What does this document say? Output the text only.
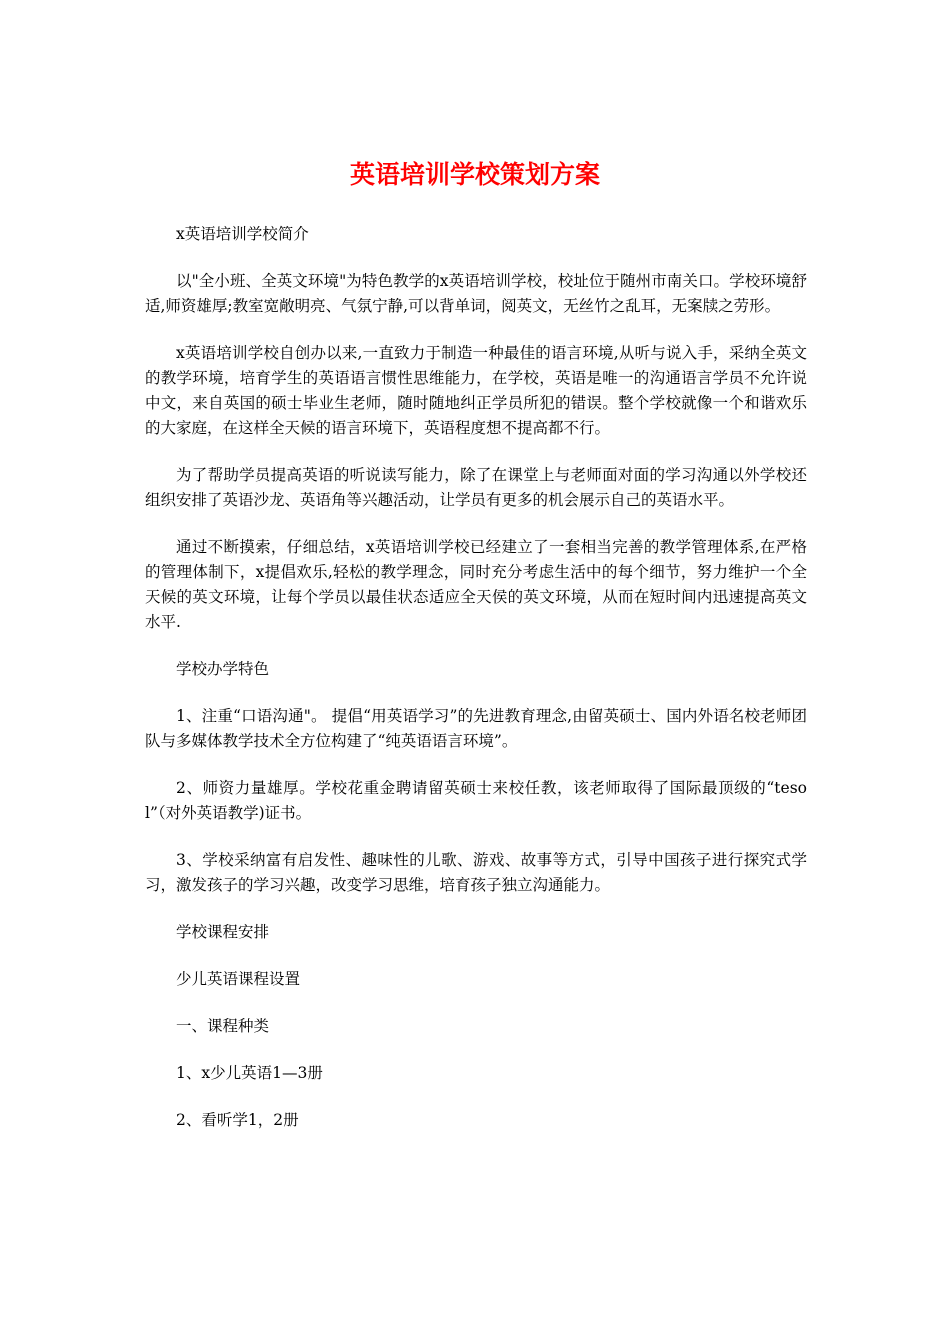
英语培训学校策划方案

x英语培训学校简介

以"全小班、全英文环境"为特色教学的x英语培训学校，校址位于随州市南关口。学校环境舒适,师资雄厚;教室宽敞明亮、气氛宁静,可以背单词，阅英文，无丝竹之乱耳，无案牍之劳形。

x英语培训学校自创办以来,一直致力于制造一种最佳的语言环境,从听与说入手，采纳全英文的教学环境，培育学生的英语语言惯性思维能力，在学校，英语是唯一的沟通语言学员不允许说中文，来自英国的硕士毕业生老师，随时随地纠正学员所犯的错误。整个学校就像一个和谐欢乐的大家庭，在这样全天候的语言环境下，英语程度想不提高都不行。

为了帮助学员提高英语的听说读写能力，除了在课堂上与老师面对面的学习沟通以外学校还组织安排了英语沙龙、英语角等兴趣活动，让学员有更多的机会展示自己的英语水平。

通过不断摸索，仔细总结，x英语培训学校已经建立了一套相当完善的教学管理体系,在严格的管理体制下，x提倡欢乐,轻松的教学理念，同时充分考虑生活中的每个细节，努力维护一个全天候的英文环境，让每个学员以最佳状态适应全天侯的英文环境，从而在短时间内迅速提高英文水平.

学校办学特色

1、注重“口语沟通"。 提倡“用英语学习”的先进教育理念,由留英硕士、国内外语名校老师团队与多媒体教学技术全方位构建了“纯英语语言环境”。

2、师资力量雄厚。学校花重金聘请留英硕士来校任教，该老师取得了国际最顶级的“tesol”（对外英语教学)证书。

3、学校采纳富有启发性、趣味性的儿歌、游戏、故事等方式，引导中国孩子进行探究式学习，激发孩子的学习兴趣，改变学习思维，培育孩子独立沟通能力。

学校课程安排

少儿英语课程设置

一、课程种类

1、x少儿英语1—3册

2、看听学1，2册
